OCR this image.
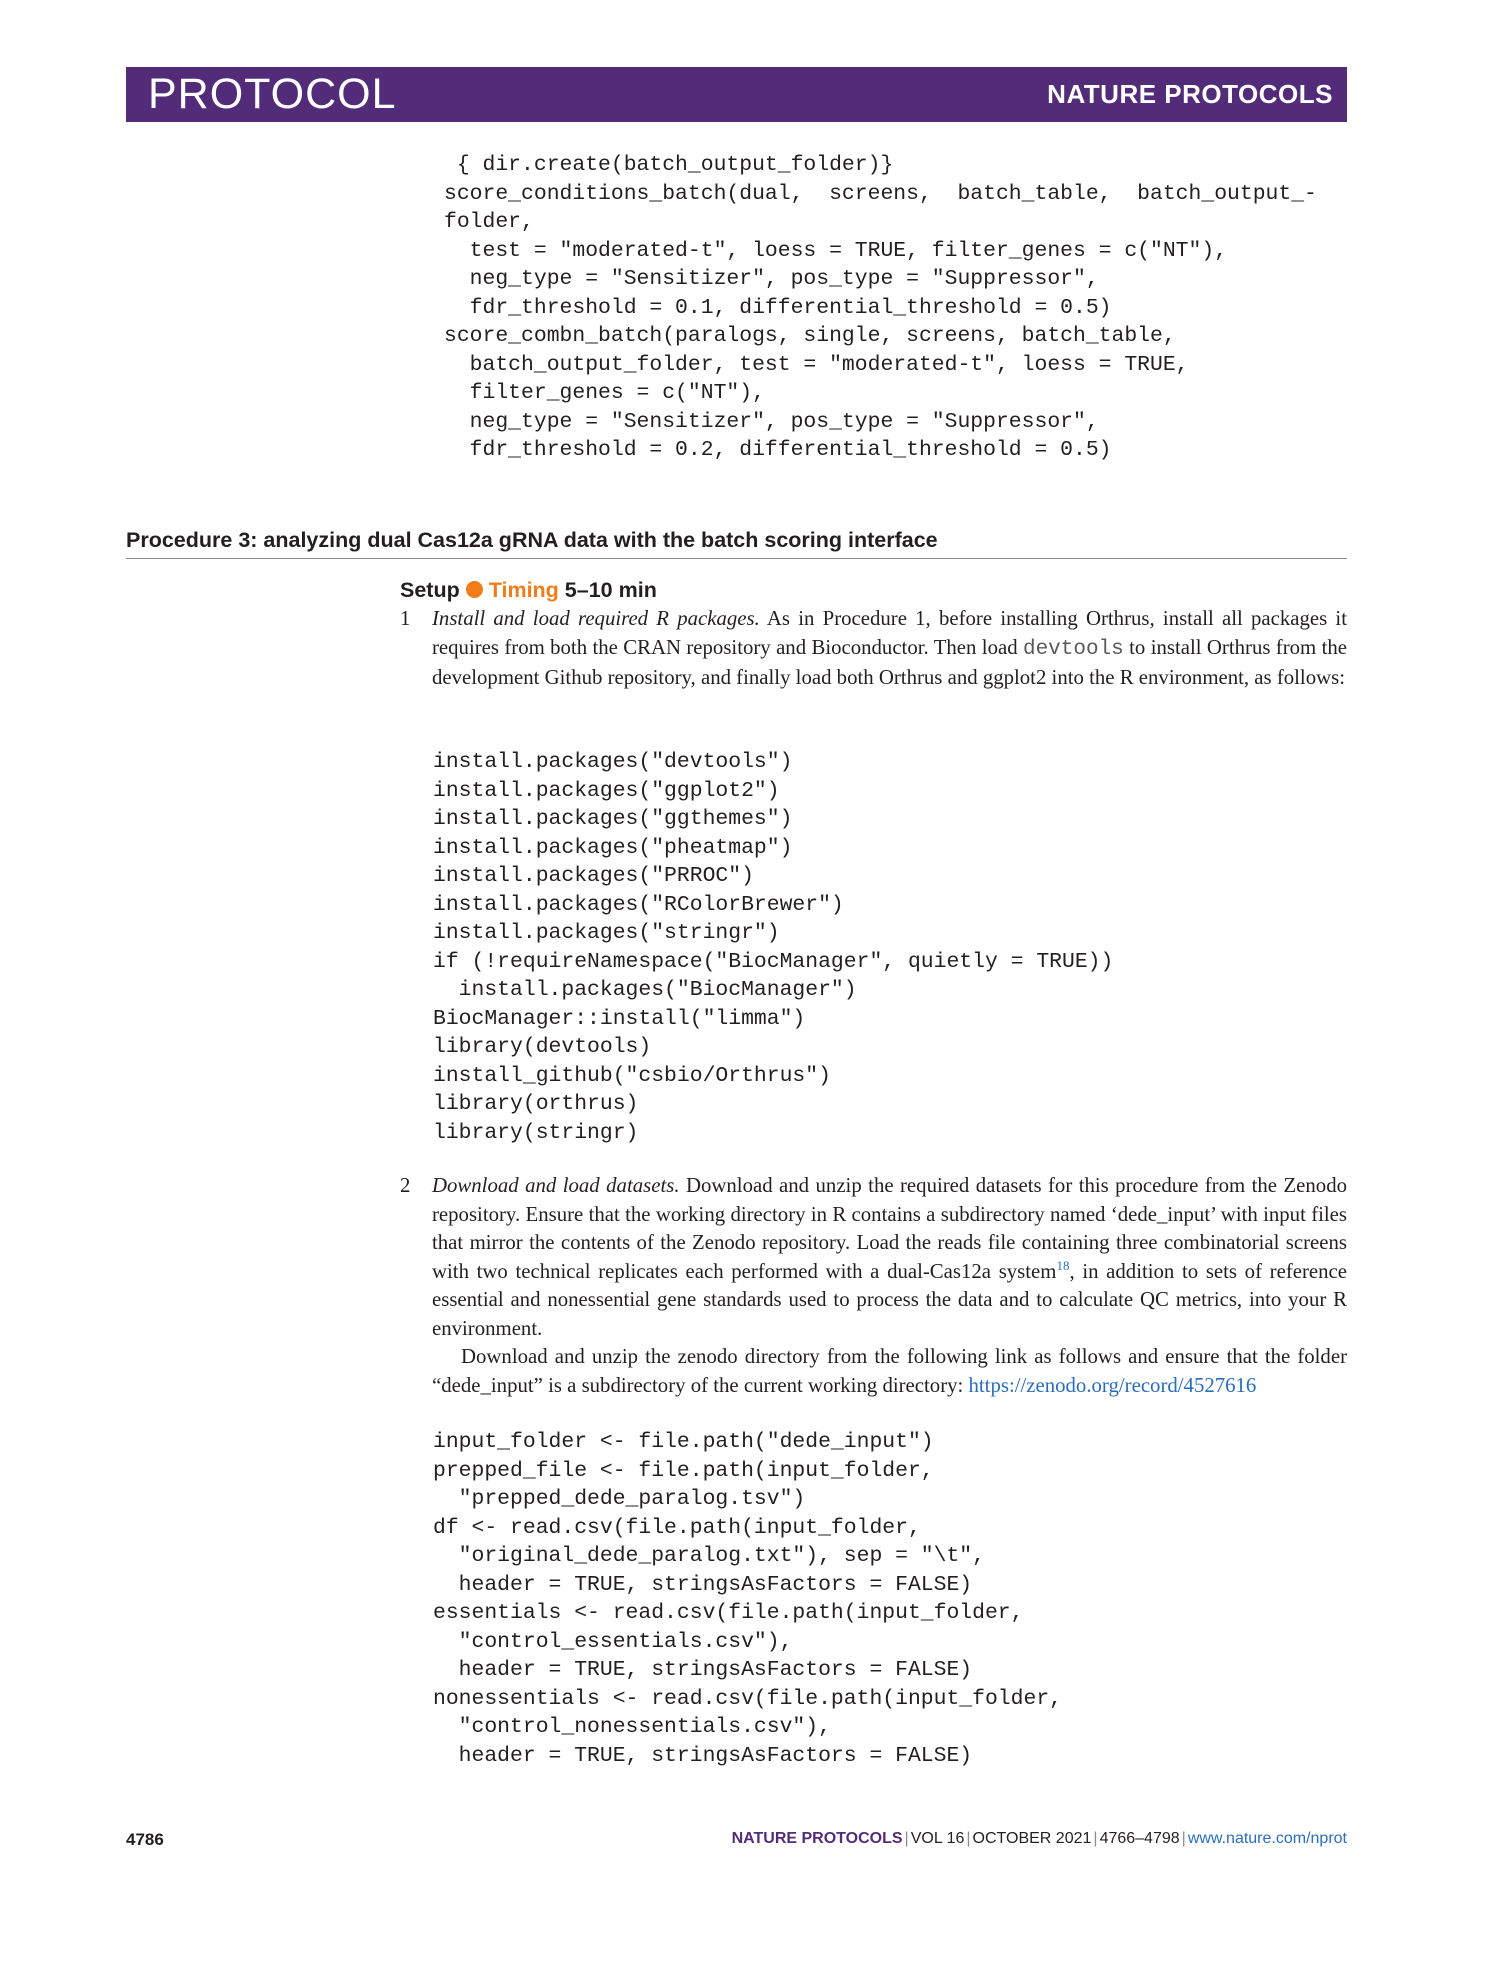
PROTOCOL	NATURE PROTOCOLS
{ dir.create(batch_output_folder)}
score_conditions_batch(dual,  screens,  batch_table,  batch_output_-
folder,
test = "moderated-t", loess = TRUE, filter_genes = c("NT"),
neg_type = "Sensitizer", pos_type = "Suppressor",
fdr_threshold = 0.1, differential_threshold = 0.5)
score_combn_batch(paralogs, single, screens, batch_table,
batch_output_folder, test = "moderated-t", loess = TRUE,
filter_genes = c("NT"),
neg_type = "Sensitizer", pos_type = "Suppressor",
fdr_threshold = 0.2, differential_threshold = 0.5)
Procedure 3: analyzing dual Cas12a gRNA data with the batch scoring interface
Setup Timing 5–10 min
1 Install and load required R packages. As in Procedure 1, before installing Orthrus, install all packages it requires from both the CRAN repository and Bioconductor. Then load devtools to install Orthrus from the development Github repository, and finally load both Orthrus and ggplot2 into the R environment, as follows:
install.packages("devtools")
install.packages("ggplot2")
install.packages("ggthemes")
install.packages("pheatmap")
install.packages("PRROC")
install.packages("RColorBrewer")
install.packages("stringr")
if (!requireNamespace("BiocManager", quietly = TRUE))
install.packages("BiocManager")
BiocManager::install("limma")
library(devtools)
install_github("csbio/Orthrus")
library(orthrus)
library(stringr)
2 Download and load datasets. Download and unzip the required datasets for this procedure from the Zenodo repository. Ensure that the working directory in R contains a subdirectory named ‘dede_input’ with input files that mirror the contents of the Zenodo repository. Load the reads file containing three combinatorial screens with two technical replicates each performed with a dual-Cas12a system$^{18}$, in addition to sets of reference essential and nonessential gene standards used to process the data and to calculate QC metrics, into your R environment.
Download and unzip the zenodo directory from the following link as follows and ensure that the folder “dede_input” is a subdirectory of the current working directory: https://zenodo.org/record/4527616
input_folder <- file.path("dede_input")
prepped_file <- file.path(input_folder,
"prepped_dede_paralog.tsv")
df <- read.csv(file.path(input_folder,
"original_dede_paralog.txt"), sep = "\t",
header = TRUE, stringsAsFactors = FALSE)
essentials <- read.csv(file.path(input_folder,
"control_essentials.csv"),
header = TRUE, stringsAsFactors = FALSE)
nonessentials <- read.csv(file.path(input_folder,
"control_nonessentials.csv"),
header = TRUE, stringsAsFactors = FALSE)
4786	NATURE PROTOCOLS | VOL 16 | OCTOBER 2021 | 4766–4798 | www.nature.com/nprot
